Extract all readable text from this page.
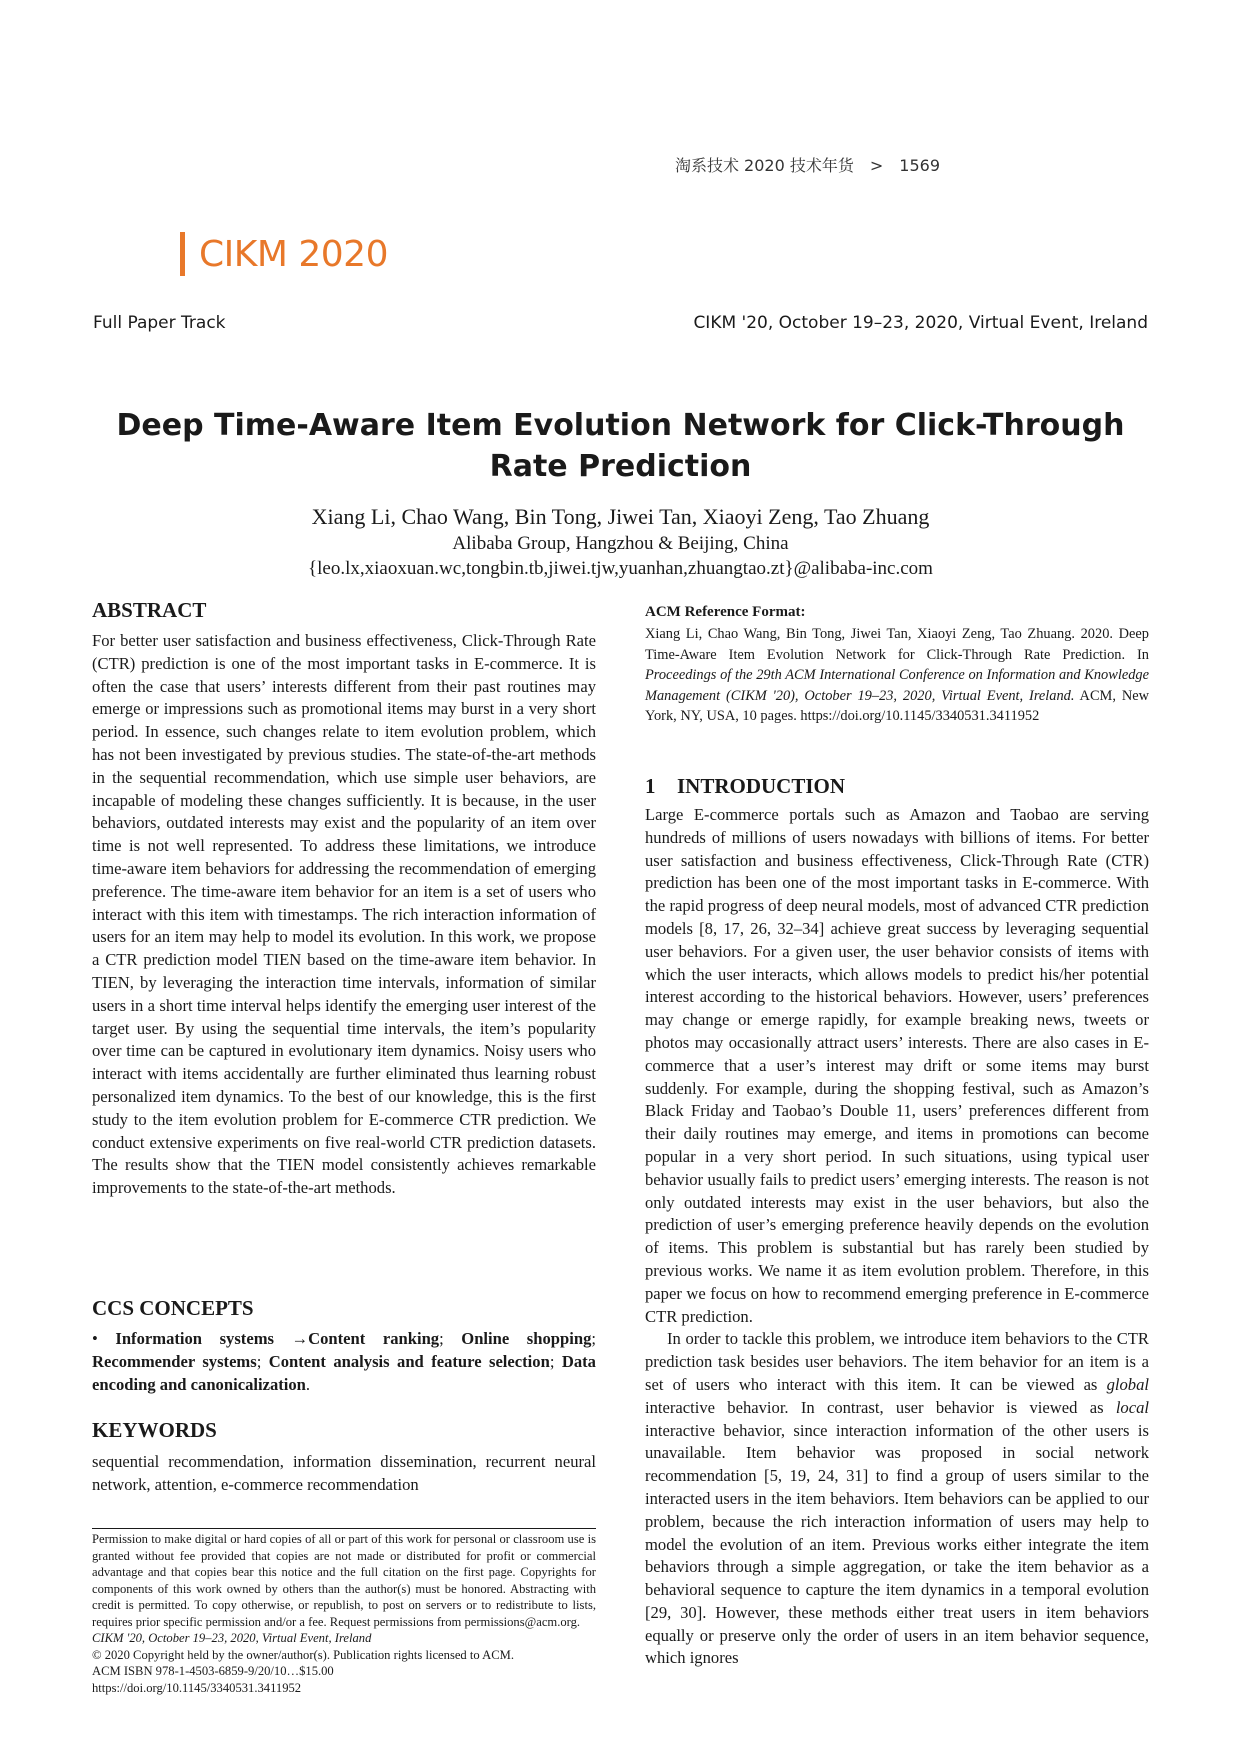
淘系技术 2020 技术年货 > 1569
CIKM 2020
Full Paper Track	CIKM '20, October 19–23, 2020, Virtual Event, Ireland
Deep Time-Aware Item Evolution Network for Click-Through Rate Prediction
Xiang Li, Chao Wang, Bin Tong, Jiwei Tan, Xiaoyi Zeng, Tao Zhuang
Alibaba Group, Hangzhou & Beijing, China
{leo.lx,xiaoxuan.wc,tongbin.tb,jiwei.tjw,yuanhan,zhuangtao.zt}@alibaba-inc.com
ABSTRACT

For better user satisfaction and business effectiveness, Click-Through Rate (CTR) prediction is one of the most important tasks in E-commerce. It is often the case that users’ interests different from their past routines may emerge or impressions such as promotional items may burst in a very short period. In essence, such changes relate to item evolution problem, which has not been investigated by previous studies. The state-of-the-art methods in the sequential recommendation, which use simple user behaviors, are incapable of modeling these changes sufficiently. It is because, in the user behaviors, outdated interests may exist and the popularity of an item over time is not well represented. To address these limitations, we introduce time-aware item behaviors for addressing the recommendation of emerging preference. The time-aware item behavior for an item is a set of users who interact with this item with timestamps. The rich interaction information of users for an item may help to model its evolution. In this work, we propose a CTR prediction model TIEN based on the time-aware item behavior. In TIEN, by leveraging the interaction time intervals, information of similar users in a short time interval helps identify the emerging user interest of the target user. By using the sequential time intervals, the item’s popularity over time can be captured in evolutionary item dynamics. Noisy users who interact with items accidentally are further eliminated thus learning robust personalized item dynamics. To the best of our knowledge, this is the first study to the item evolution problem for E-commerce CTR prediction. We conduct extensive experiments on five real-world CTR prediction datasets. The results show that the TIEN model consistently achieves remarkable improvements to the state-of-the-art methods.

CCS CONCEPTS
• Information systems →Content ranking; Online shopping; Recommender systems; Content analysis and feature selection; Data encoding and canonicalization.
KEYWORDS

sequential recommendation, information dissemination, recurrent neural network, attention, e-commerce recommendation

Permission to make digital or hard copies of all or part of this work for personal or classroom use is granted without fee provided that copies are not made or distributed for profit or commercial advantage and that copies bear this notice and the full citation on the first page. Copyrights for components of this work owned by others than the author(s) must be honored. Abstracting with credit is permitted. To copy otherwise, or republish, to post on servers or to redistribute to lists, requires prior specific permission and/or a fee. Request permissions from permissions@acm.org.

CIKM '20, October 19–23, 2020, Virtual Event, Ireland

© 2020 Copyright held by the owner/author(s). Publication rights licensed to ACM.

ACM ISBN 978-1-4503-6859-9/20/10…$15.00

https://doi.org/10.1145/3340531.3411952

ACM Reference Format:

Xiang Li, Chao Wang, Bin Tong, Jiwei Tan, Xiaoyi Zeng, Tao Zhuang. 2020. Deep Time-Aware Item Evolution Network for Click-Through Rate Prediction. In Proceedings of the 29th ACM International Conference on Information and Knowledge Management (CIKM '20), October 19–23, 2020, Virtual Event, Ireland. ACM, New York, NY, USA, 10 pages. https://doi.org/10.1145/3340531.3411952

1 INTRODUCTION

Large E-commerce portals such as Amazon and Taobao are serving hundreds of millions of users nowadays with billions of items. For better user satisfaction and business effectiveness, Click-Through Rate (CTR) prediction has been one of the most important tasks in E-commerce. With the rapid progress of deep neural models, most of advanced CTR prediction models [8, 17, 26, 32–34] achieve great success by leveraging sequential user behaviors. For a given user, the user behavior consists of items with which the user interacts, which allows models to predict his/her potential interest according to the historical behaviors. However, users’ preferences may change or emerge rapidly, for example breaking news, tweets or photos may occasionally attract users’ interests. There are also cases in E-commerce that a user’s interest may drift or some items may burst suddenly. For example, during the shopping festival, such as Amazon’s Black Friday and Taobao’s Double 11, users’ preferences different from their daily routines may emerge, and items in promotions can become popular in a very short period. In such situations, using typical user behavior usually fails to predict users’ emerging interests. The reason is not only outdated interests may exist in the user behaviors, but also the prediction of user’s emerging preference heavily depends on the evolution of items. This problem is substantial but has rarely been studied by previous works. We name it as item evolution problem. Therefore, in this paper we focus on how to recommend emerging preference in E-commerce CTR prediction.

In order to tackle this problem, we introduce item behaviors to the CTR prediction task besides user behaviors. The item behavior for an item is a set of users who interact with this item. It can be viewed as global interactive behavior. In contrast, user behavior is viewed as local interactive behavior, since interaction information of the other users is unavailable. Item behavior was proposed in social network recommendation [5, 19, 24, 31] to find a group of users similar to the interacted users in the item behaviors. Item behaviors can be applied to our problem, because the rich interaction information of users may help to model the evolution of an item. Previous works either integrate the item behaviors through a simple aggregation, or take the item behavior as a behavioral sequence to capture the item dynamics in a temporal evolution [29, 30]. However, these methods either treat users in item behaviors equally or preserve only the order of users in an item behavior sequence, which ignores
